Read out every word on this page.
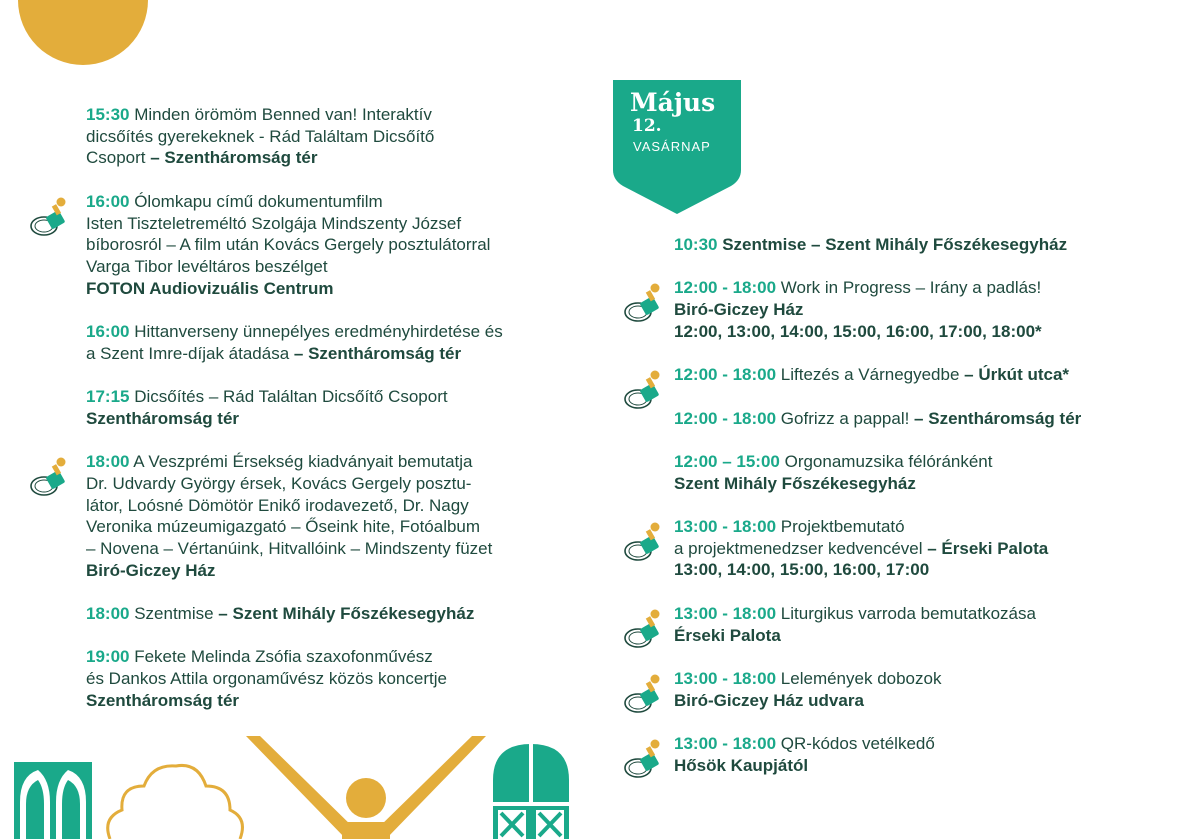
Május
12.
VASÁRNAP
15:30 Minden örömöm Benned van! Interaktív
dicsőítés gyerekeknek - Rád Találtam Dicsőítő
Csoport – Szentháromság tér
16:00 Ólomkapu című dokumentumfilm
Isten Tiszteletreméltó Szolgája Mindszenty József
bíborosról – A film után Kovács Gergely posztulátorral
Varga Tibor levéltáros beszélget
FOTON Audiovizuális Centrum
16:00 Hittanverseny ünnepélyes eredményhirdetése és
a Szent Imre-díjak átadása – Szentháromság tér
17:15 Dicsőítés – Rád Találtan Dicsőítő Csoport
Szentháromság tér
18:00 A Veszprémi Érsekség kiadványait bemutatja
Dr. Udvardy György érsek, Kovács Gergely posztu-
látor, Loósné Dömötör Enikő irodavezető, Dr. Nagy
Veronika múzeumigazgató – Őseink hite, Fotóalbum
– Novena – Vértanúink, Hitvallóink – Mindszenty füzet
Biró-Giczey Ház
18:00 Szentmise – Szent Mihály Főszékesegyház
19:00 Fekete Melinda Zsófia szaxofonművész
és Dankos Attila orgonaművész közös koncertje
Szentháromság tér
10:30 Szentmise – Szent Mihály Főszékesegyház
12:00 - 18:00 Work in Progress – Irány a padlás!
Biró-Giczey Ház
12:00, 13:00, 14:00, 15:00, 16:00, 17:00, 18:00*
12:00 - 18:00 Liftezés a Várnegyedbe – Úrkút utca*
12:00 - 18:00 Gofrizz a pappal! – Szentháromság tér
12:00 – 15:00 Orgonamuzsika félóránként
Szent Mihály Főszékesegyház
13:00 - 18:00 Projektbemutató
a projektmenedzser kedvencével – Érseki Palota
13:00, 14:00, 15:00, 16:00, 17:00
13:00 - 18:00 Liturgikus varroda bemutatkozása
Érseki Palota
13:00 - 18:00 Lelemények dobozok
Biró-Giczey Ház udvara
13:00 - 18:00 QR-kódos vetélkedő
Hősök Kaupjától
